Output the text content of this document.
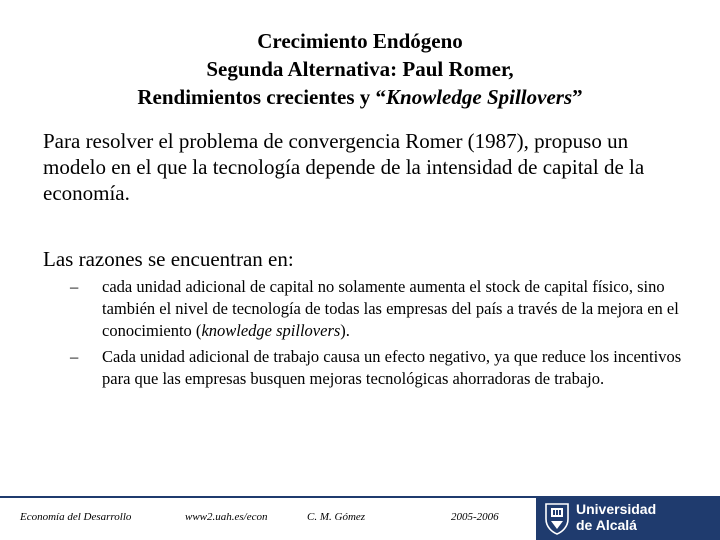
Crecimiento Endógeno
Segunda Alternativa: Paul Romer,
Rendimientos crecientes y “Knowledge Spillovers”
Para resolver el problema de convergencia Romer (1987), propuso un modelo en el que la tecnología depende de la intensidad de capital de la economía.
Las razones se encuentran en:
–	cada unidad adicional de capital no solamente aumenta el stock de capital físico, sino también el nivel de tecnología de todas las empresas del país a través de la mejora en el conocimiento (knowledge spillovers).
–	Cada unidad adicional de trabajo causa un efecto negativo, ya que reduce los incentivos para que las empresas busquen mejoras tecnológicas ahorradoras de trabajo.
Economía del Desarrollo	www2.uah.es/econ	C. M. Gómez	2005-2006	Universidad
de Alcalá
